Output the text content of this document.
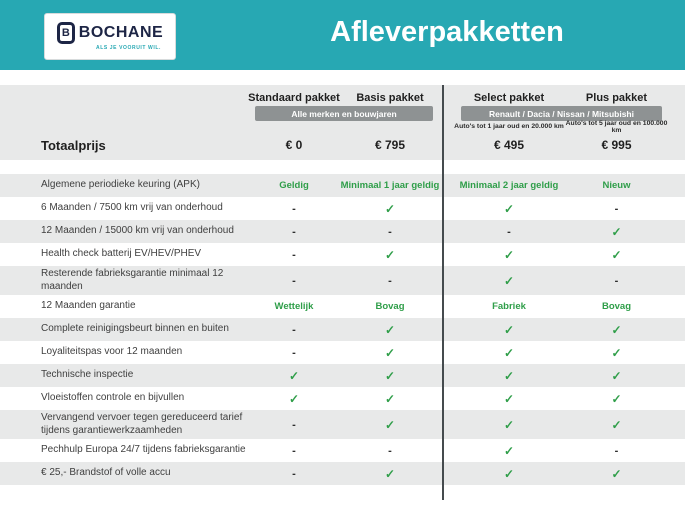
B BOCHANE
ALS JE VOORUIT WIL.	Afleverpakketten
Standaard pakket	Basis pakket	Select pakket	Plus pakket
Alle merken en bouwjaren	Renault / Dacia / Nissan / Mitsubishi
Auto's tot 1 jaar oud en 20.000 km Auto's tot 5 jaar oud en 100.000 km
Totaalprijs	€ 0	€ 795	€ 495	€ 995
Algemene periodieke keuring (APK)	Geldig	Minimaal 1 jaar geldig	Minimaal 2 jaar geldig	Nieuw
6 Maanden / 7500 km vrij van onderhoud	-	✓	✓	-
12 Maanden / 15000 km vrij van onderhoud	-	-	-	✓
Health check batterij EV/HEV/PHEV	-	✓	✓	✓
Resterende fabrieksgarantie minimaal 12 maanden	-	-	✓	-
12 Maanden garantie	Wettelijk	Bovag	Fabriek	Bovag
Complete reinigingsbeurt binnen en buiten	-	✓	✓	✓
Loyaliteitspas voor 12 maanden	-	✓	✓	✓
Technische inspectie	✓	✓	✓	✓
Vloeistoffen controle en bijvullen	✓	✓	✓	✓
Vervangend vervoer tegen gereduceerd tarief tijdens garantiewerkzaamheden	-	✓	✓	✓
Pechhulp Europa 24/7 tijdens fabrieksgarantie	-	-	✓	-
€ 25,- Brandstof of volle accu	-	✓	✓	✓
